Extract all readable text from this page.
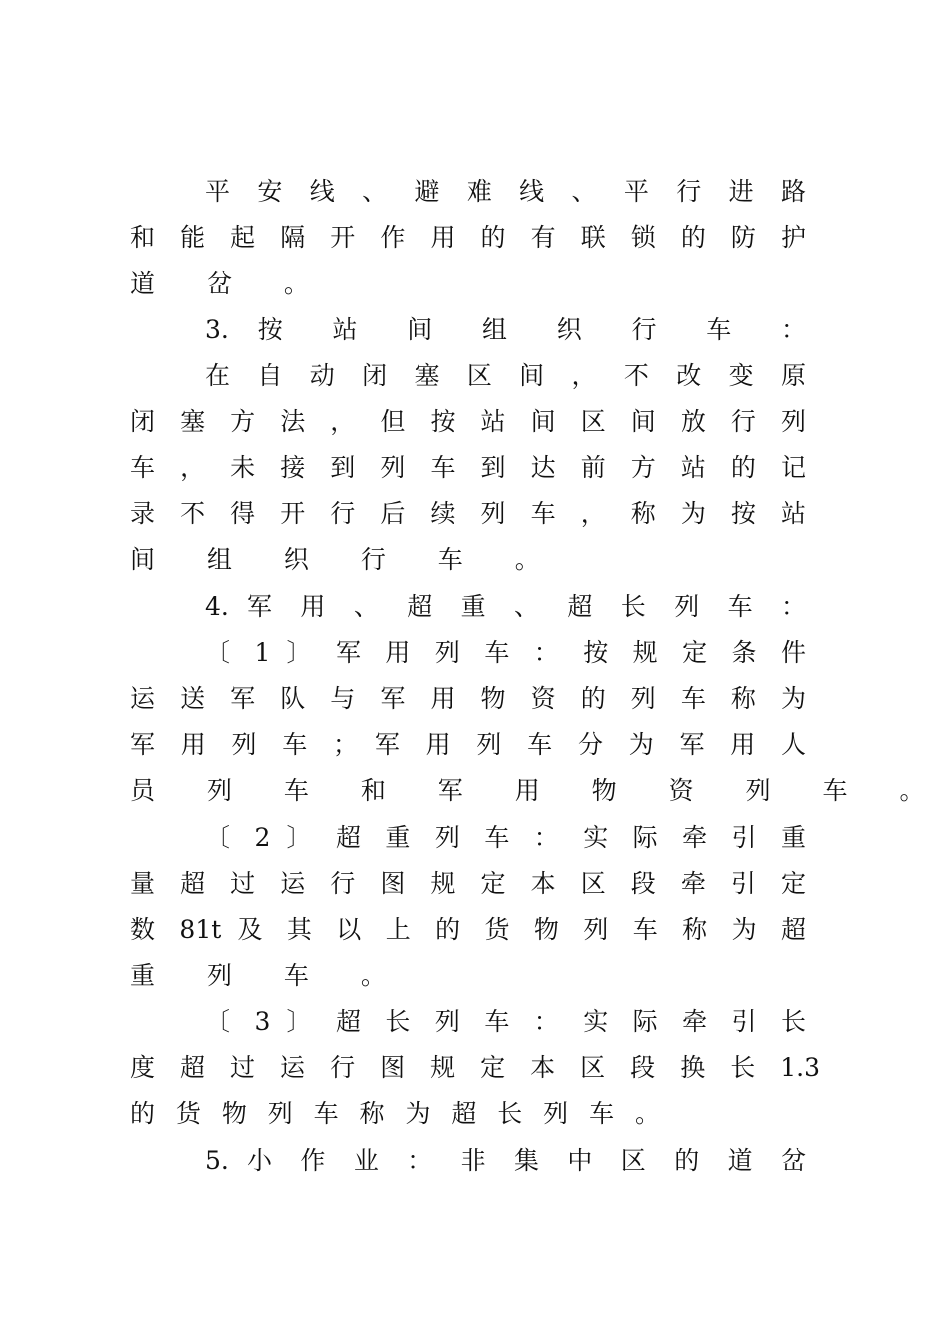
平 安 线 、 避 难 线 、 平 行 进 路
和 能 起 隔 开 作 用 的 有 联 锁 的 防 护
道 岔 。
3. 按 站 间 组 织 行 车 ：
在 自 动 闭 塞 区 间 ， 不 改 变 原
闭 塞 方 法 ， 但 按 站 间 区 间 放 行 列
车 ， 未 接 到 列 车 到 达 前 方 站 的 记
录 不 得 开 行 后 续 列 车 ， 称 为 按 站
间 组 织 行 车 。
4. 军 用 、 超 重 、 超 长 列 车 ：
〔 1 〕 军 用 列 车 ： 按 规 定 条 件
运 送 军 队 与 军 用 物 资 的 列 车 称 为
军 用 列 车 ； 军 用 列 车 分 为 军 用 人
员 列 车 和 军 用 物 资 列 车 。
〔 2 〕 超 重 列 车 ： 实 际 牵 引 重
量 超 过 运 行 图 规 定 本 区 段 牵 引 定
数 81t 及 其 以 上 的 货 物 列 车 称 为 超
重 列 车 。
〔 3 〕 超 长 列 车 ： 实 际 牵 引 长
度 超 过 运 行 图 规 定 本 区 段 换 长 1.3
的 货 物 列 车 称 为 超 长 列 车 。
5. 小 作 业 ： 非 集 中 区 的 道 岔
